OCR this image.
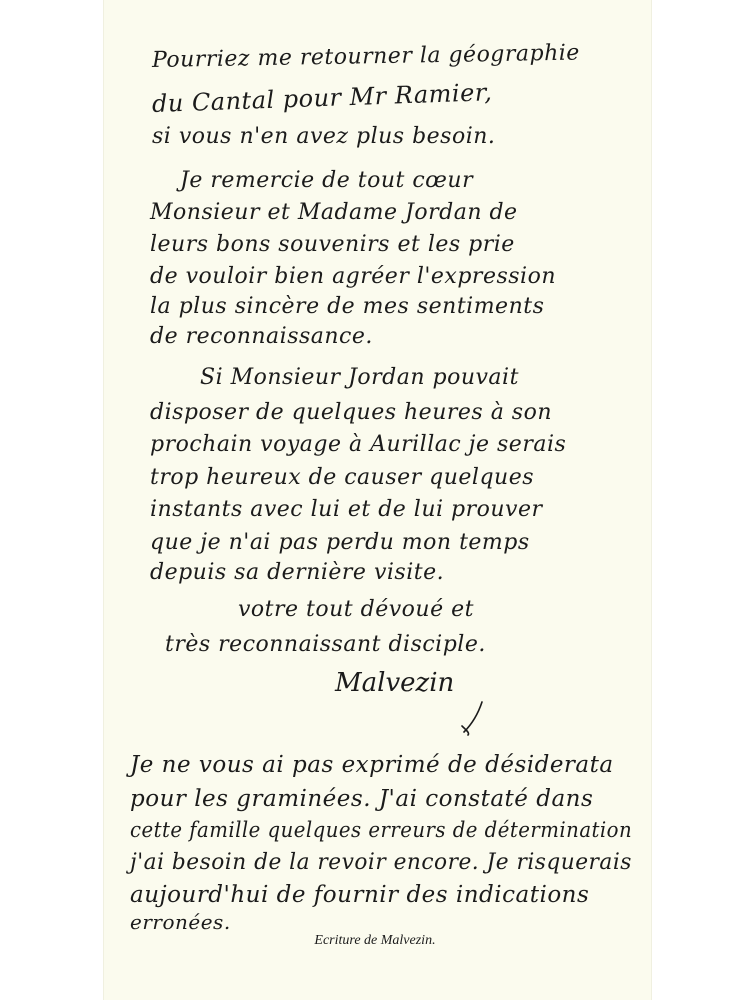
Pourriez me retourner la géographie
du Cantal pour Mr Ramier,
si vous n'en avez plus besoin.
Je remercie de tout cœur
Monsieur et Madame Jordan de
leurs bons souvenirs et les prie
de vouloir bien agréer l'expression
la plus sincère de mes sentiments
de reconnaissance.
Si Monsieur Jordan pouvait
disposer de quelques heures à son
prochain voyage à Aurillac je serais
trop heureux de causer quelques
instants avec lui et de lui prouver
que je n'ai pas perdu mon temps
depuis sa dernière visite.
votre tout dévoué et
très reconnaissant disciple.
Malvezin
Je ne vous ai pas exprimé de désiderata
pour les graminées. J'ai constaté dans
cette famille quelques erreurs de détermination
j'ai besoin de la revoir encore. Je risquerais
aujourd'hui de fournir des indications
erronées.
Ecriture de Malvezin.
